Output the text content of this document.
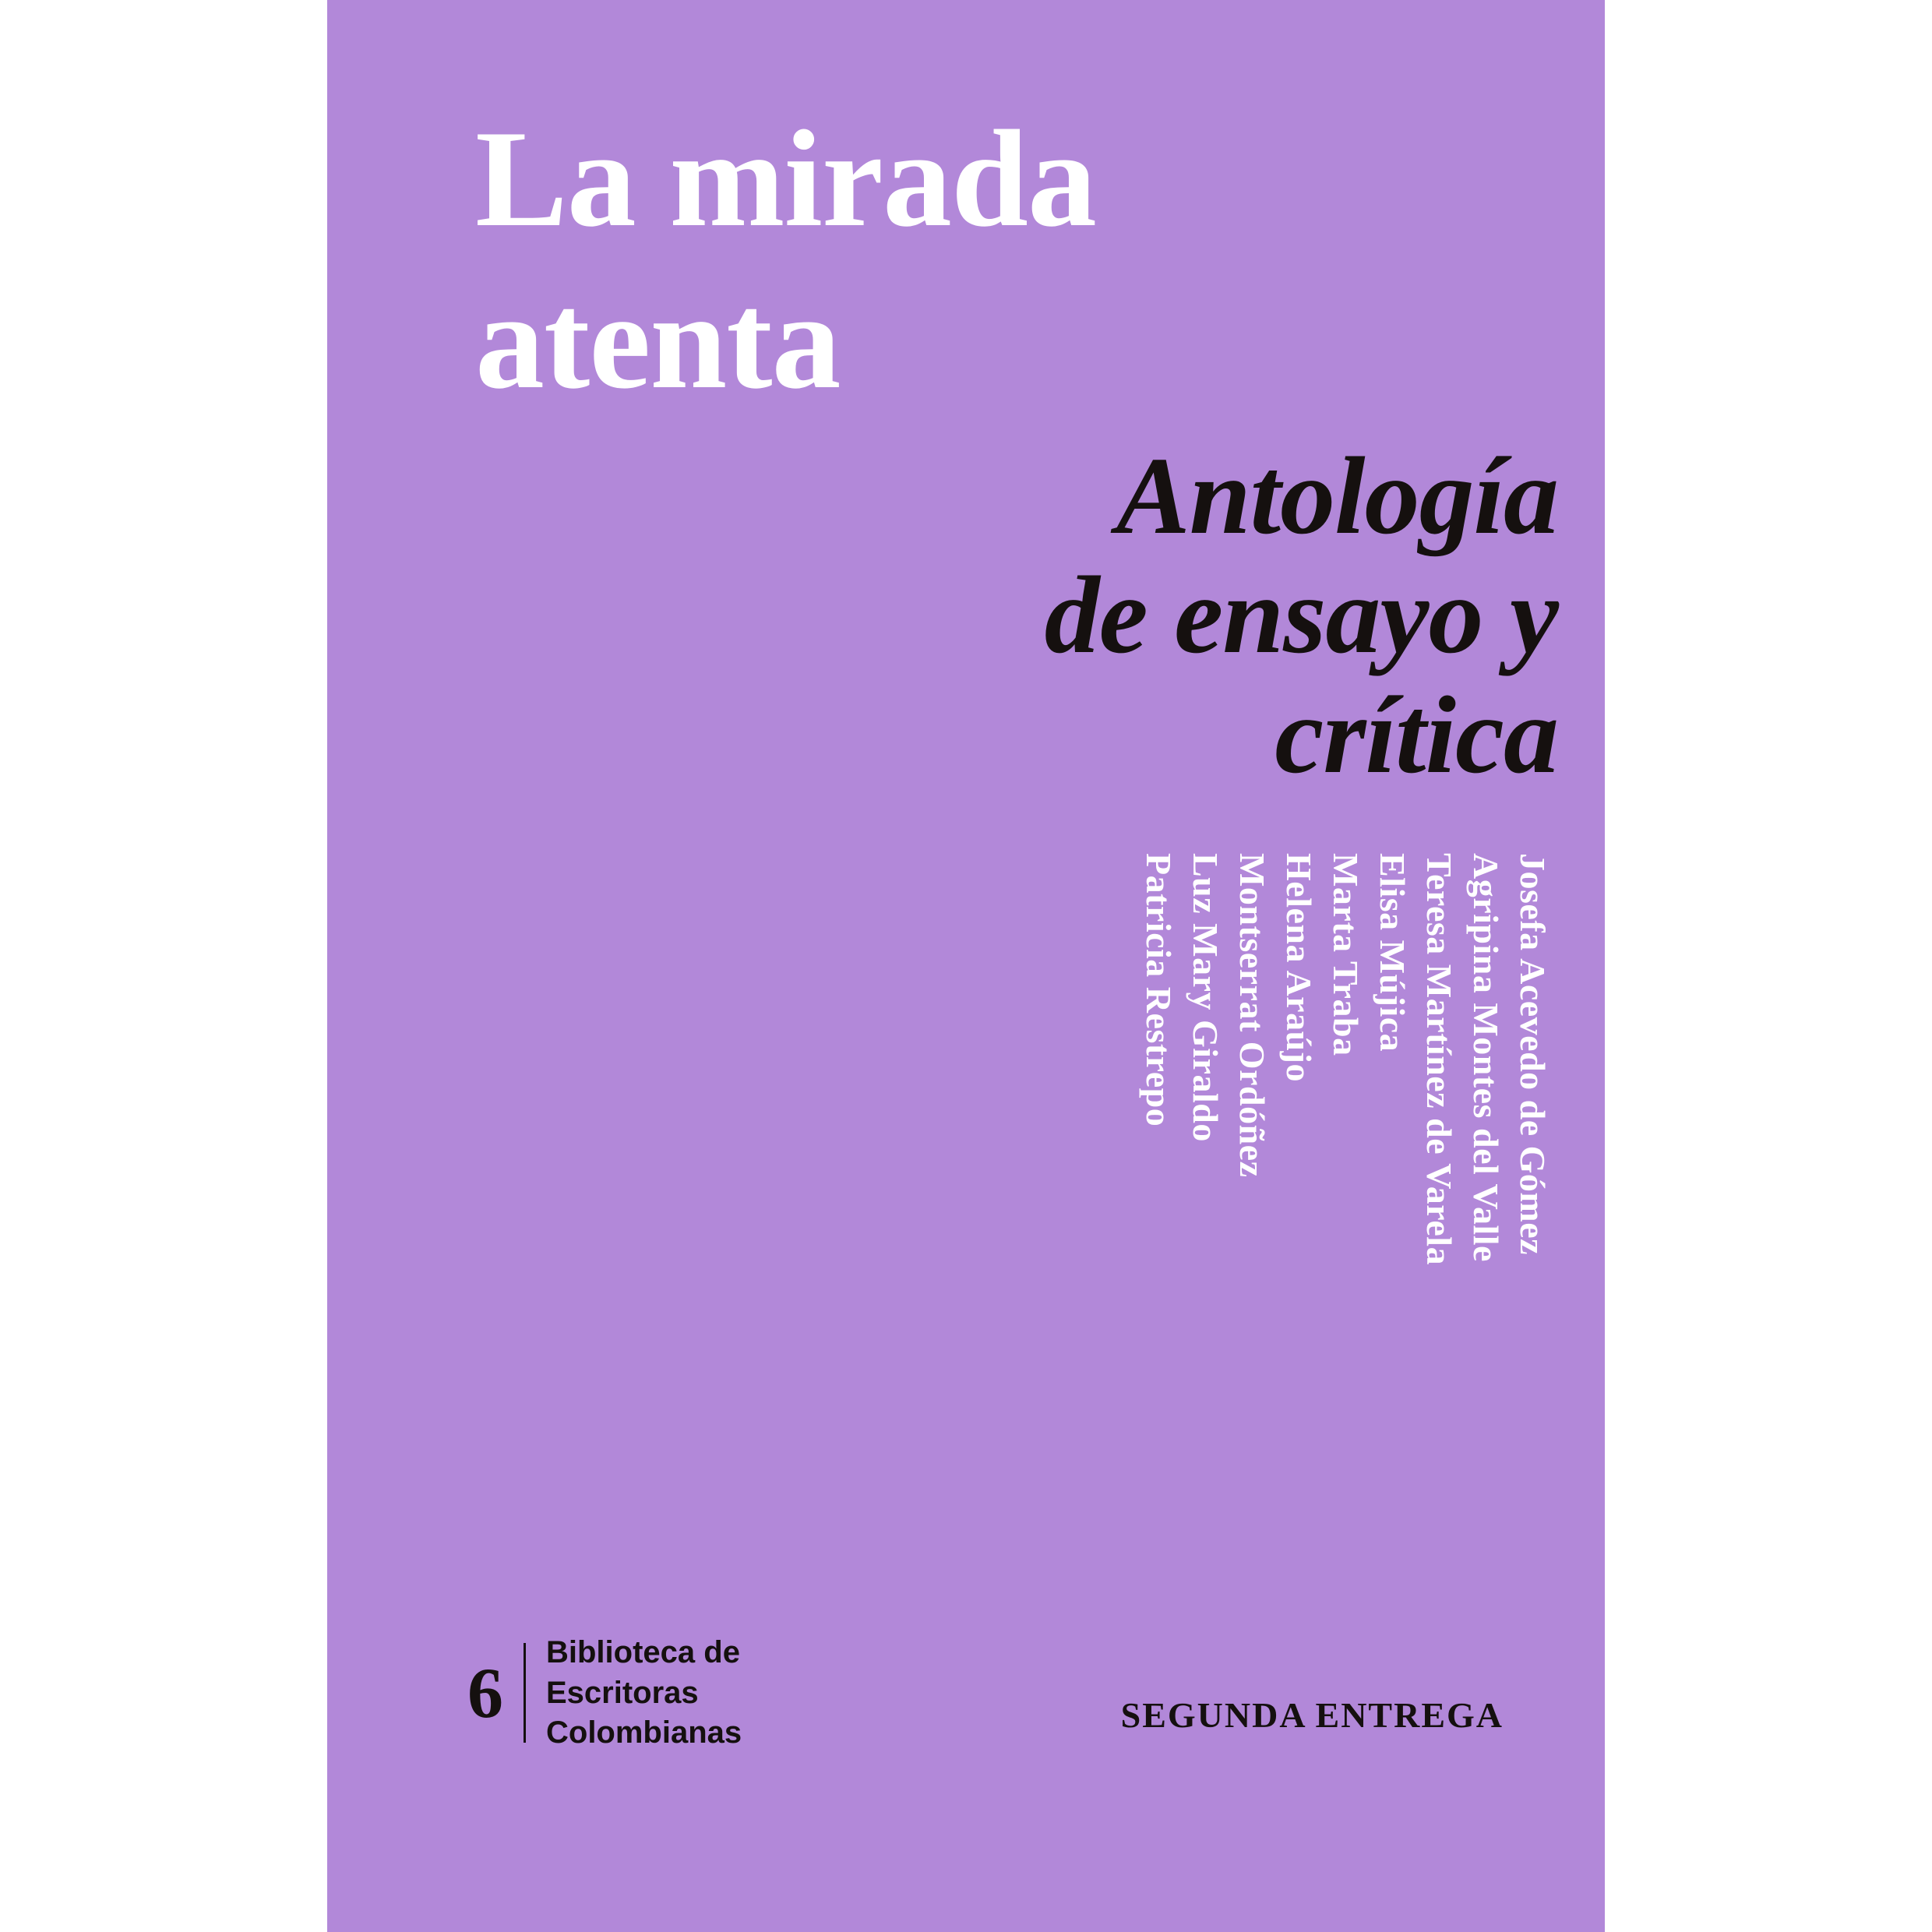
La mirada
atenta
Antología
de ensayo y
crítica
Josefa Acevedo de Gómez
Agripina Montes del Valle
Teresa Martínez de Varela
Elisa Mújica
Marta Traba
Helena Araújo
Montserrat Ordóñez
Luz Mary Giraldo
Patricia Restrepo
6
Biblioteca de
Escritoras
Colombianas	SEGUNDA ENTREGA
